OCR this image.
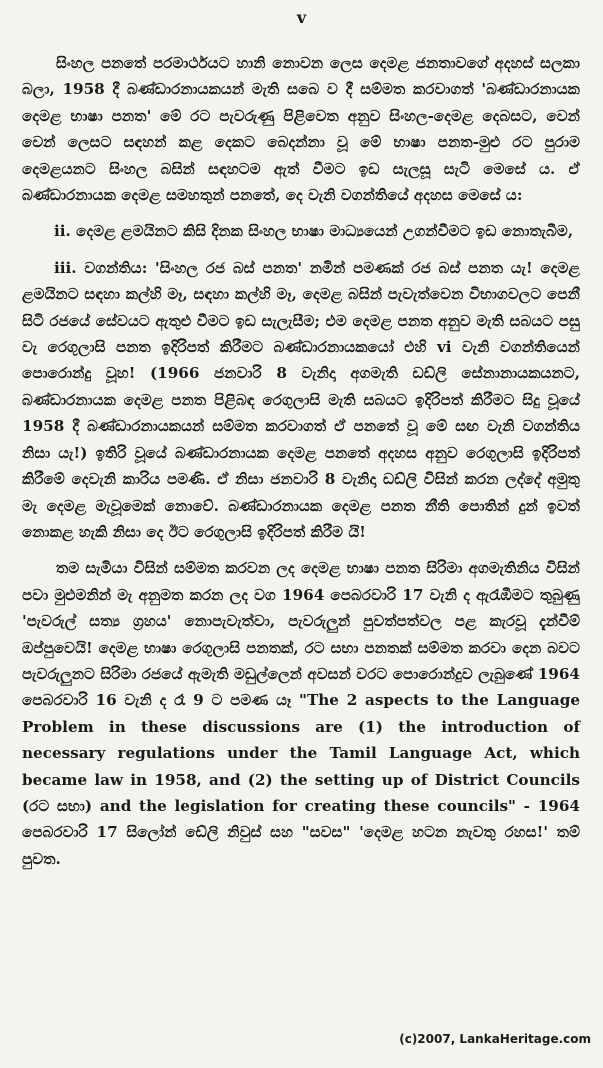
v

සිංහල පනතේ පරමාර්ථයට හානි නොවන ලෙස දෙමළ ජනතාවගේ අදහස් සලකා බලා, 1958 දී බණ්ඩාරනායකයන් මැති සබෙ ව දී සම්මත කරවාගත් 'බණ්ඩාරනායක දෙමළ භාෂා පනත' මේ රට පැවරුණු පිළිවෙත අනුව සිංහල-දෙමළ දෙබසට, වෙන් වෙන් ලෙසට සඳහන් කළ දෙකට බෙදන්නා වූ මේ භාෂා පනත-මුළු රට පුරාම දෙමළයනට සිංහල බසින් සඳහටම ඇත් වීමට ඉඩ සැලසූ සැටි මෙසේ ය. ඒ බණ්ඩාරනායක දෙමළ සමහතුන් පනතේ, දෙ වැනි වගන්තියේ අදහස මෙසේ ය:

ii. දෙමළ ළමයිනට කිසි දිනක සිංහල භාෂා මාධ්‍යයෙන් උගන්වීමට ඉඩ නොතැබීම,

iii. වගන්තිය: 'සිංහල රජ බස් පනත' නමින් පමණක් රජ බස් පනත යැ! දෙමළ ළමයිනට සඳහා කල්හි මෑ, සඳහා කල්හි මෑ, දෙමළ බසින් පැවැත්වෙන විභාගවලට පෙනී සිටි රජයේ සේවයට ඇතුළු වීමට ඉඩ සැලැසීම; එම දෙමළ පනත අනුව මැති සබයට පසු වැ රෙගුලාසි පනත ඉදිරිපත් කිරීමට බණ්ඩාරනායකයෝ එහි vi වැනි වගන්තියෙන් පොරොන්දු වූහ! (1966 ජනවාරි 8 වැනිදා අගමැති ඩඩ්ලි සේනානායකයනට, බණ්ඩාරනායක දෙමළ පනත පිළිබඳ රෙගුලාසි මැති සබයට ඉදිරිපත් කිරීමට සිදු වූයේ 1958 දී බණ්ඩාරනායකයන් සම්මත කරවාගත් ඒ පනතේ වූ මේ සඟ වැනි වගන්තිය නිසා යැ!) ඉතිරි වූයේ බණ්ඩාරනායක දෙමළ පනතේ අදහස අනුව රෙගුලාසි ඉදිරිපත් කිරීමේ දෙවැනි කාරිය පමණි. ඒ නිසා ජනවාරි 8 වැනිදා ඩඩ්ලි විසින් කරන ලද්දේ අමුතු මැ දෙමළ මැවූමෙක් නොවේ. බණ්ඩාරනායක දෙමළ පනත නීති පොතින් දුන් ඉවත් නොකළ හැකි නිසා දෙ ඊට රෙගුලාසි ඉදිරිපත් කිරීම යි!

තම සැමියා විසින් සම්මත කරවන ලද දෙමළ භාෂා පනත සිරිමා අගමැතිනිය විසින් පවා මුළුමනින් මැ අනුමත කරන ලද වග 1964 පෙබරවාරි 17 වැනි ද ඇරැඹීමට තුබුණු 'පැවරුල් සත්‍ය ග්‍රහය' නොපැවැත්වා, පැවරුලුන් පුවත්පත්වල පළ කැරවූ දැන්වීම් ඔප්පුවෙයි! දෙමළ භාෂා රෙගුලාසි පනතක්, රට සභා පනතක් සම්මත කරවා දෙන බවට පැවරුලුනට සිරිමා රජයේ ඇමැති මඩුල්ලෙන් අවසන් වරට පොරොන්දුව ලැබුණේ 1964 පෙබරවාරි 16 වැනි ද රෑ 9 ට පමණ යෑ "The 2 aspects to the Language Problem in these discussions are (1) the introduction of necessary regulations under the Tamil Language Act, which became law in 1958, and (2) the setting up of District Councils (රට සභා) and the legislation for creating these councils" - 1964 පෙබරවාරි 17 සිලෝන් ඩේලි නිවුස් සහ "සවස" 'දෙමළ හටන නැවතු රහස!' තම් පුවත.

(c)2007, LankaHeritage.com
